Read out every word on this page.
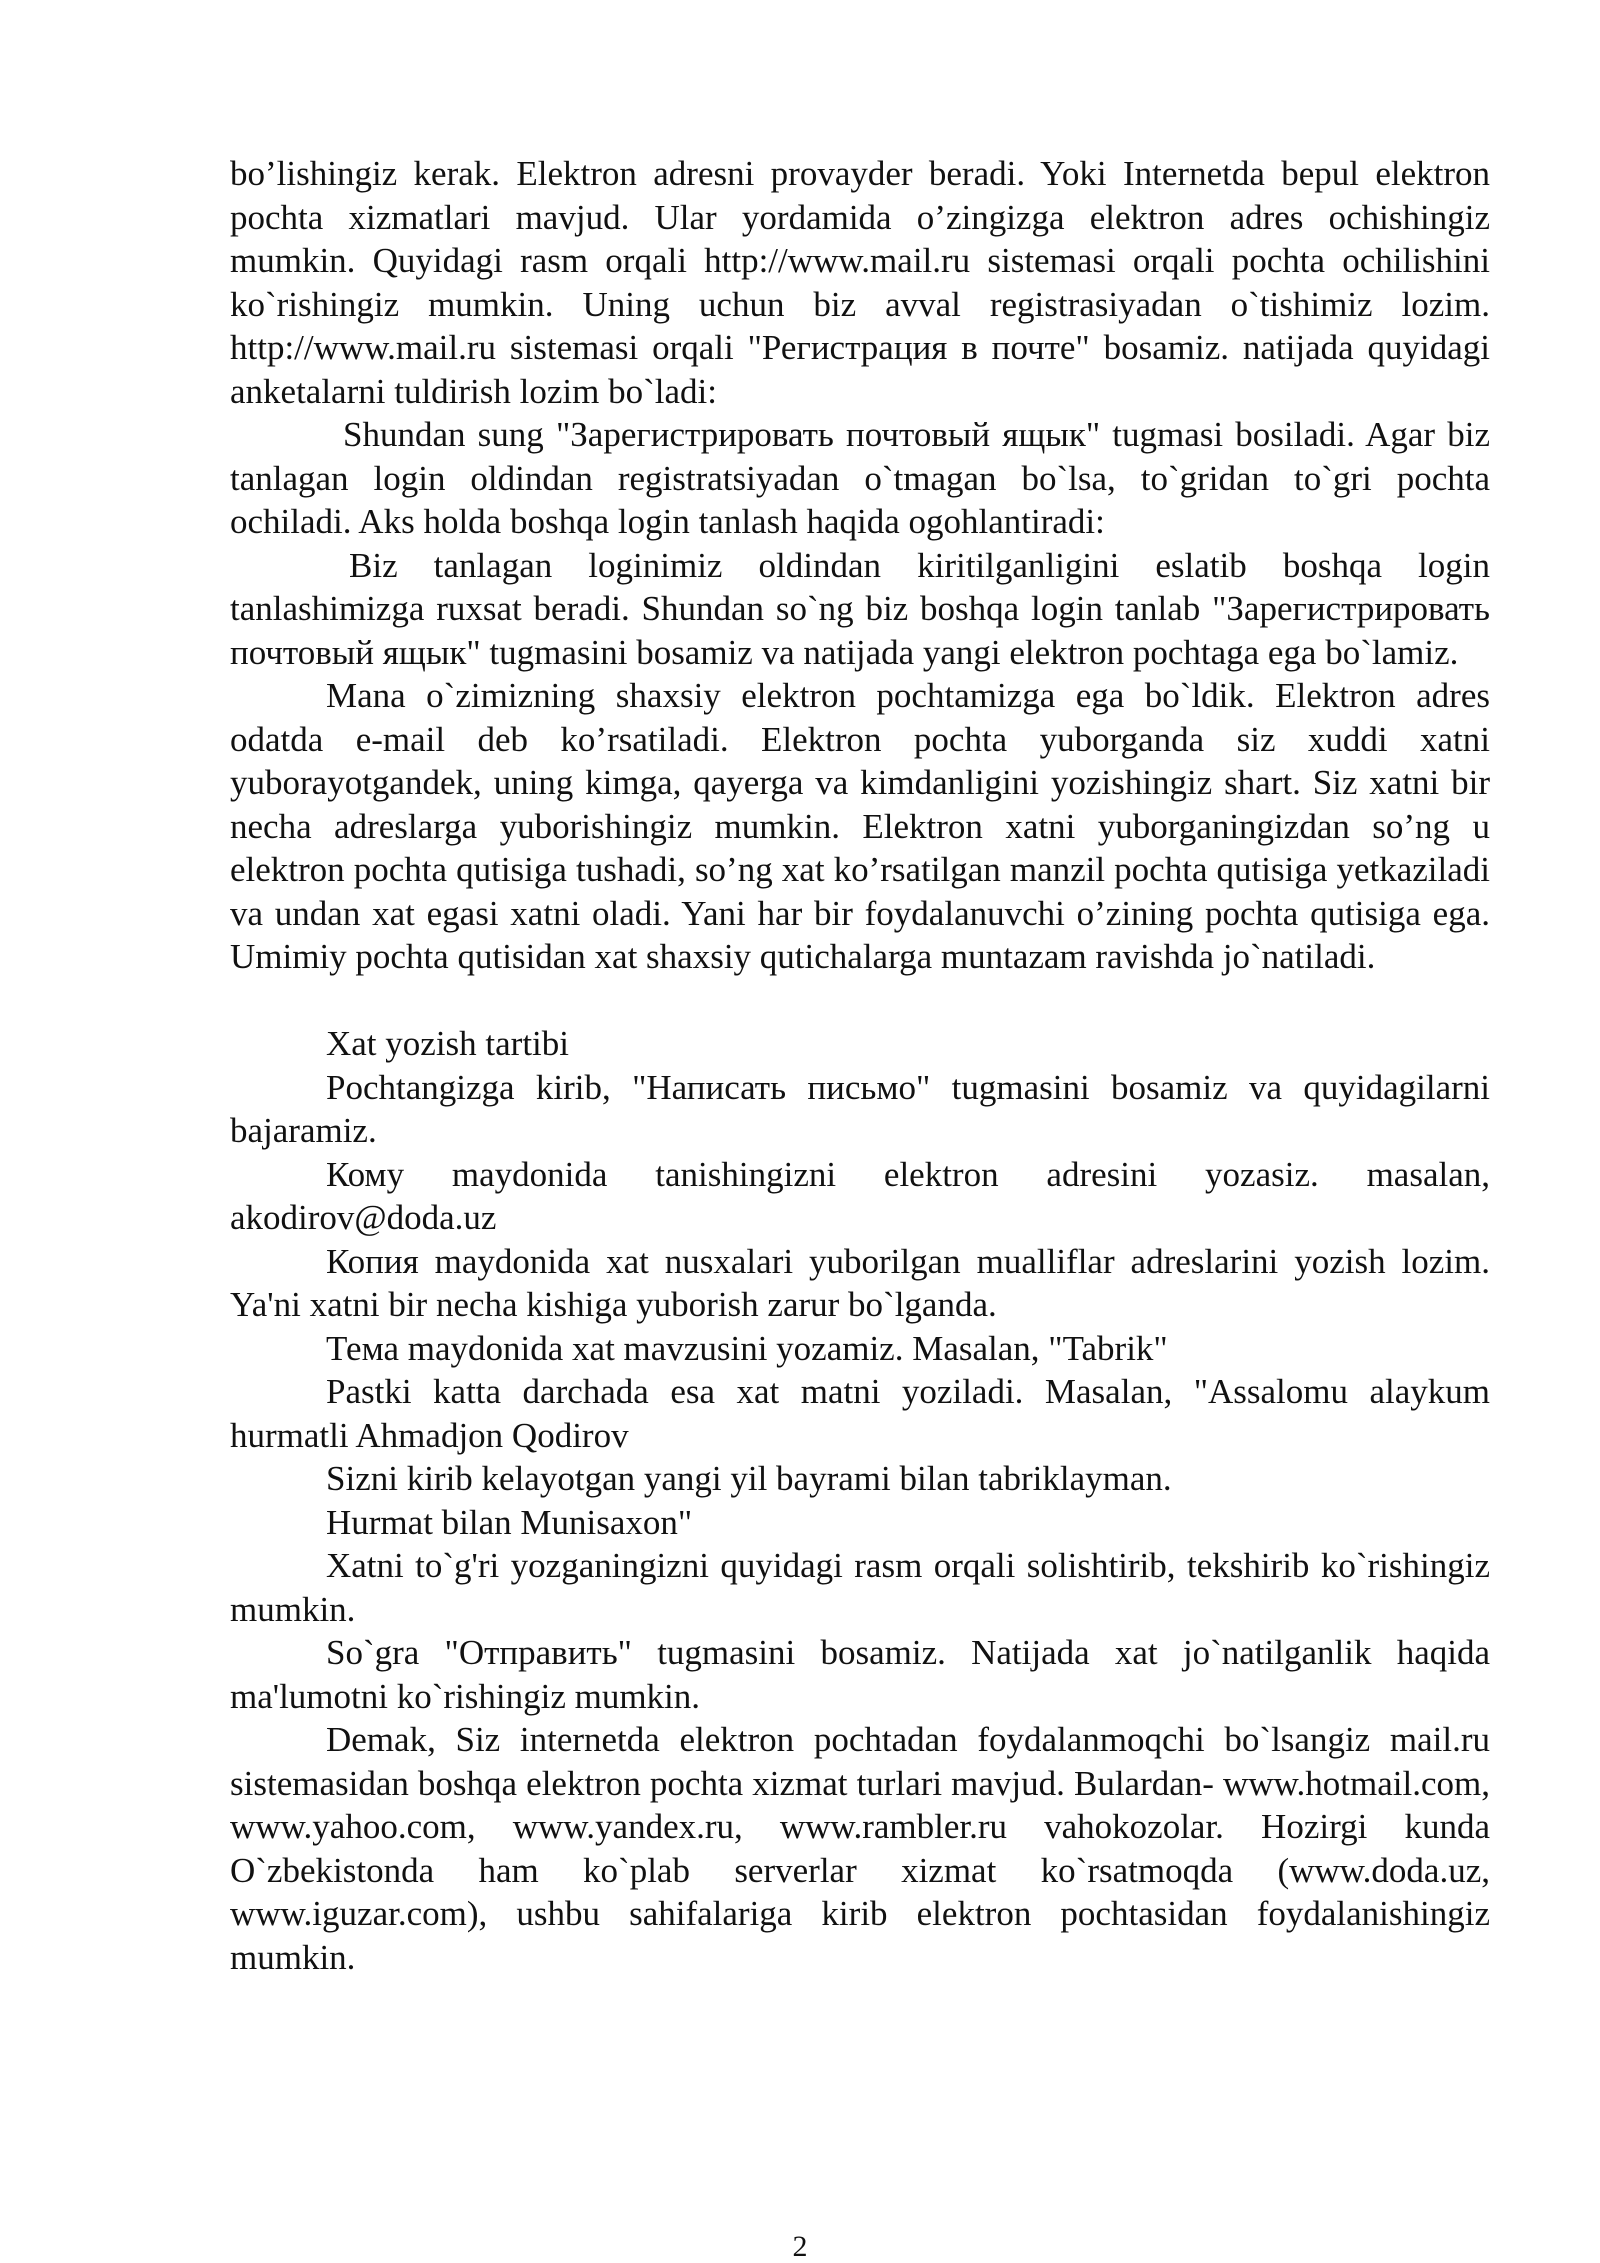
bo’lishingiz kerak. Elektron adresni provayder beradi. Yoki Internetda bepul elektron pochta xizmatlari mavjud. Ular yordamida o’zingizga elektron adres ochishingiz mumkin. Quyidagi rasm orqali http://www.mail.ru sistemasi orqali pochta ochilishini ko`rishingiz mumkin. Uning uchun biz avval registrasiyadan o`tishimiz lozim. http://www.mail.ru sistemasi orqali "Регистрация в почте" bosamiz. natijada quyidagi anketalarni tuldirish lozim bo`ladi:

Shundan sung "Зарегистрировать почтовый ящык" tugmasi bosiladi. Agar biz tanlagan login oldindan registratsiyadan o`tmagan bo`lsa, to`gridan to`gri pochta ochiladi. Aks holda boshqa login tanlash haqida ogohlantiradi:

Biz tanlagan loginimiz oldindan kiritilganligini eslatib boshqa login tanlashimizga ruxsat beradi. Shundan so`ng biz boshqa login tanlab "Зарегистрировать почтовый ящык" tugmasini bosamiz va natijada yangi elektron pochtaga ega bo`lamiz.

Mana o`zimizning shaxsiy elektron pochtamizga ega bo`ldik. Elektron adres odatda e-mail deb ko’rsatiladi. Elektron pochta yuborganda siz xuddi xatni yuborayotgandek, uning kimga, qayerga va kimdanligini yozishingiz shart. Siz xatni bir necha adreslarga yuborishingiz mumkin. Elektron xatni yuborganingizdan so’ng u elektron pochta qutisiga tushadi, so’ng xat ko’rsatilgan manzil pochta qutisiga yetkaziladi va undan xat egasi xatni oladi. Yani har bir foydalanuvchi o’zining pochta qutisiga ega. Umimiy pochta qutisidan xat shaxsiy qutichalarga muntazam ravishda jo`natiladi.

Xat yozish tartibi

Pochtangizga kirib, "Написать письмо" tugmasini bosamiz va quyidagilarni bajaramiz.

Кому maydonida tanishingizni elektron adresini yozasiz. masalan, akodirov@doda.uz

Копия maydonida xat nusxalari yuborilgan mualliflar adreslarini yozish lozim. Ya'ni xatni bir necha kishiga yuborish zarur bo`lganda.

Тема maydonida xat mavzusini yozamiz. Masalan, "Tabrik"

Pastki katta darchada esa xat matni yoziladi. Masalan, "Assalomu alaykum hurmatli Ahmadjon Qodirov

Sizni kirib kelayotgan yangi yil bayrami bilan tabriklayman.

Hurmat bilan Munisaxon"

Xatni to`g'ri yozganingizni quyidagi rasm orqali solishtirib, tekshirib ko`rishingiz mumkin.

So`gra "Отправить" tugmasini bosamiz. Natijada xat jo`natilganlik haqida ma'lumotni ko`rishingiz mumkin.

Demak, Siz internetda elektron pochtadan foydalanmoqchi bo`lsangiz mail.ru sistemasidan boshqa elektron pochta xizmat turlari mavjud. Bulardan- www.hotmail.com, www.yahoo.com, www.yandex.ru, www.rambler.ru vahokozolar. Hozirgi kunda O`zbekistonda ham ko`plab serverlar xizmat ko`rsatmoqda (www.doda.uz, www.iguzar.com), ushbu sahifalariga kirib elektron pochtasidan foydalanishingiz mumkin.

2
